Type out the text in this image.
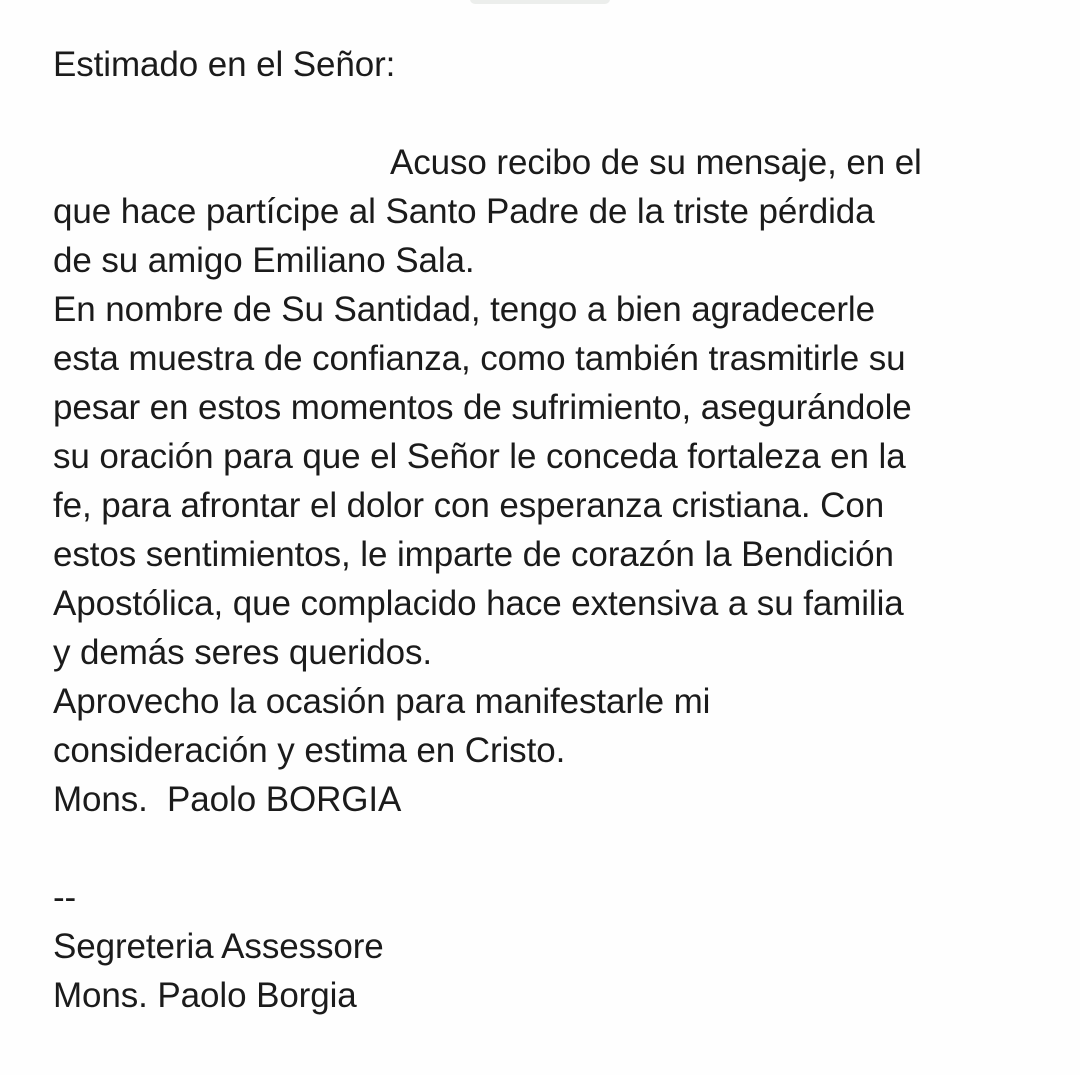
Estimado en el Señor:
Acuso recibo de su mensaje, en el
que hace partícipe al Santo Padre de la triste pérdida
de su amigo Emiliano Sala.
En nombre de Su Santidad, tengo a bien agradecerle
esta muestra de confianza, como también trasmitirle su
pesar en estos momentos de sufrimiento, asegurándole
su oración para que el Señor le conceda fortaleza en la
fe, para afrontar el dolor con esperanza cristiana. Con
estos sentimientos, le imparte de corazón la Bendición
Apostólica, que complacido hace extensiva a su familia
y demás seres queridos.
Aprovecho la ocasión para manifestarle mi
consideración y estima en Cristo.
Mons.  Paolo BORGIA
--
Segreteria Assessore
Mons. Paolo Borgia
